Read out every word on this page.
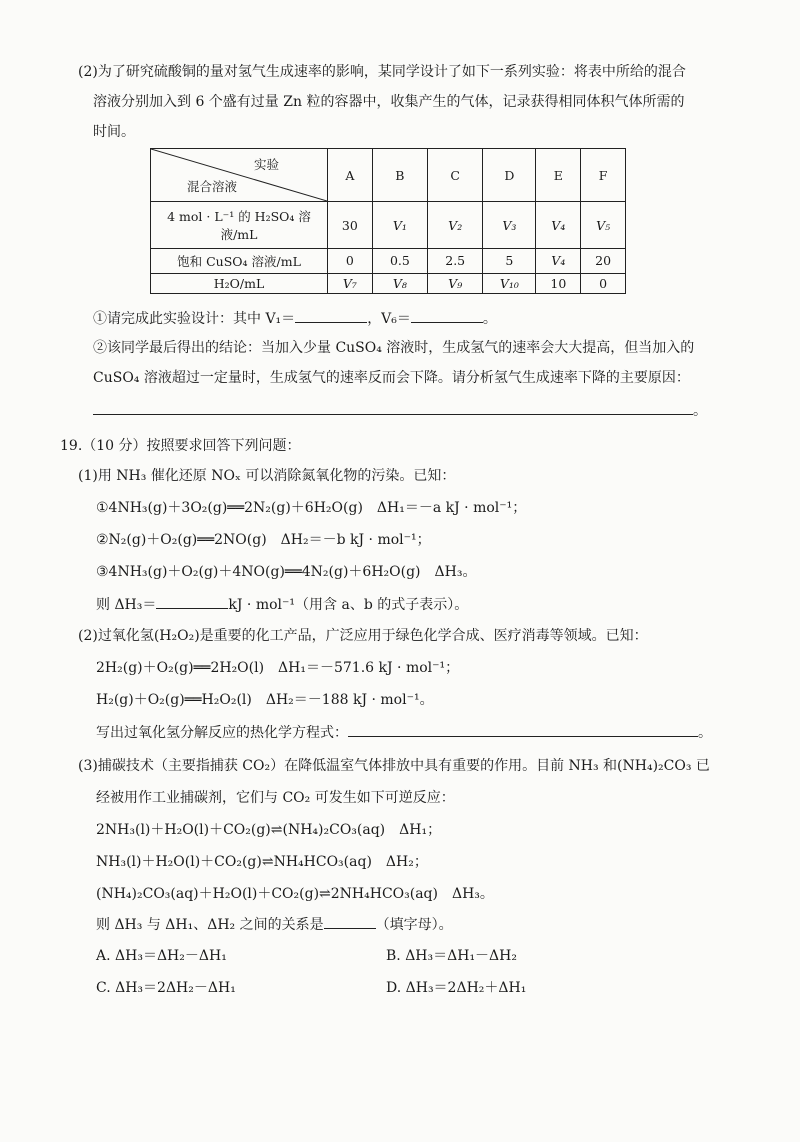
(2)为了研究硫酸铜的量对氢气生成速率的影响，某同学设计了如下一系列实验：将表中所给的混合
溶液分别加入到 6 个盛有过量 Zn 粒的容器中，收集产生的气体，记录获得相同体积气体所需的
时间。
实验
混合溶液	A	B	C	D	E	F
4 mol · L⁻¹ 的 H₂SO₄ 溶液/mL	30	V₁	V₂	V₃	V₄	V₅
饱和 CuSO₄ 溶液/mL	0	0.5	2.5	5	V₄	20
H₂O/mL	V₇	V₈	V₉	V₁₀	10	0
①请完成此实验设计：其中 V₁＝	，V₆＝	。
②该同学最后得出的结论：当加入少量 CuSO₄ 溶液时，生成氢气的速率会大大提高，但当加入的
CuSO₄ 溶液超过一定量时，生成氢气的速率反而会下降。请分析氢气生成速率下降的主要原因：
。
19.（10 分）按照要求回答下列问题：
(1)用 NH₃ 催化还原 NOₓ 可以消除氮氧化物的污染。已知：
①4NH₃(g)＋3O₂(g)══2N₂(g)＋6H₂O(g)　ΔH₁＝－a kJ · mol⁻¹；
②N₂(g)＋O₂(g)══2NO(g)　ΔH₂＝－b kJ · mol⁻¹；
③4NH₃(g)＋O₂(g)＋4NO(g)══4N₂(g)＋6H₂O(g)　ΔH₃。
则 ΔH₃＝	kJ · mol⁻¹（用含 a、b 的式子表示）。
(2)过氧化氢(H₂O₂)是重要的化工产品，广泛应用于绿色化学合成、医疗消毒等领域。已知：
2H₂(g)＋O₂(g)══2H₂O(l)　ΔH₁＝－571.6 kJ · mol⁻¹；
H₂(g)＋O₂(g)══H₂O₂(l)　ΔH₂＝－188 kJ · mol⁻¹。
写出过氧化氢分解反应的热化学方程式：	。
(3)捕碳技术（主要指捕获 CO₂）在降低温室气体排放中具有重要的作用。目前 NH₃ 和(NH₄)₂CO₃ 已
经被用作工业捕碳剂，它们与 CO₂ 可发生如下可逆反应：
2NH₃(l)＋H₂O(l)＋CO₂(g)⇌(NH₄)₂CO₃(aq)　ΔH₁；
NH₃(l)＋H₂O(l)＋CO₂(g)⇌NH₄HCO₃(aq)　ΔH₂；
(NH₄)₂CO₃(aq)＋H₂O(l)＋CO₂(g)⇌2NH₄HCO₃(aq)　ΔH₃。
则 ΔH₃ 与 ΔH₁、ΔH₂ 之间的关系是	（填字母）。
A. ΔH₃＝ΔH₂－ΔH₁	B. ΔH₃＝ΔH₁－ΔH₂
C. ΔH₃＝2ΔH₂－ΔH₁	D. ΔH₃＝2ΔH₂＋ΔH₁
